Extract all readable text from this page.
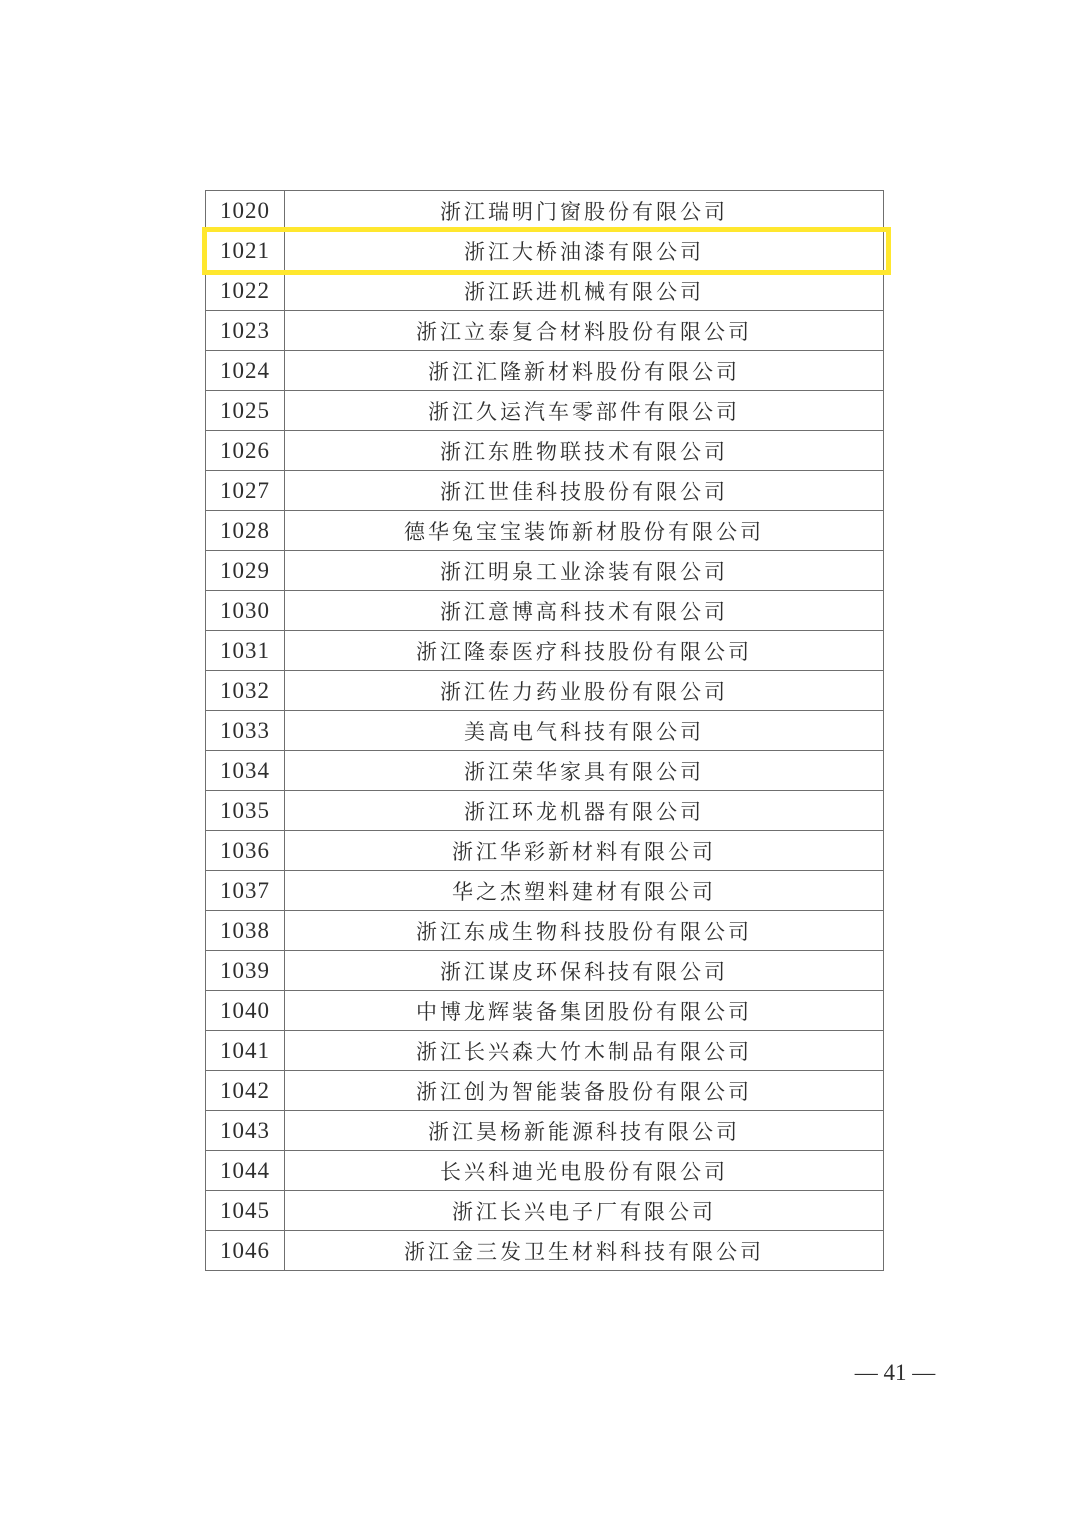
1020	浙江瑞明门窗股份有限公司
1021	浙江大桥油漆有限公司
1022	浙江跃进机械有限公司
1023	浙江立泰复合材料股份有限公司
1024	浙江汇隆新材料股份有限公司
1025	浙江久运汽车零部件有限公司
1026	浙江东胜物联技术有限公司
1027	浙江世佳科技股份有限公司
1028	德华兔宝宝装饰新材股份有限公司
1029	浙江明泉工业涂装有限公司
1030	浙江意博高科技术有限公司
1031	浙江隆泰医疗科技股份有限公司
1032	浙江佐力药业股份有限公司
1033	美高电气科技有限公司
1034	浙江荣华家具有限公司
1035	浙江环龙机器有限公司
1036	浙江华彩新材料有限公司
1037	华之杰塑料建材有限公司
1038	浙江东成生物科技股份有限公司
1039	浙江谋皮环保科技有限公司
1040	中博龙辉装备集团股份有限公司
1041	浙江长兴森大竹木制品有限公司
1042	浙江创为智能装备股份有限公司
1043	浙江昊杨新能源科技有限公司
1044	长兴科迪光电股份有限公司
1045	浙江长兴电子厂有限公司
1046	浙江金三发卫生材料科技有限公司
— 41 —
